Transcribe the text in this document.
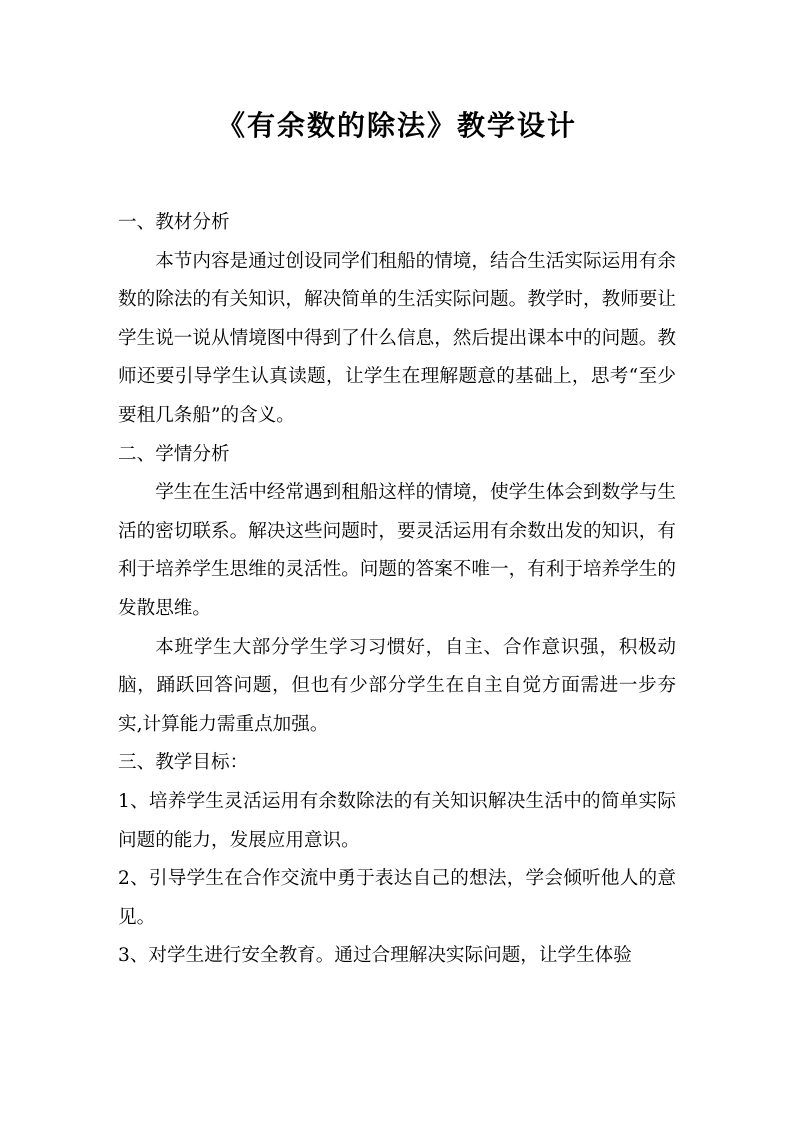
《有余数的除法》教学设计

一、教材分析

本节内容是通过创设同学们租船的情境，结合生活实际运用有余数的除法的有关知识，解决简单的生活实际问题。教学时，教师要让学生说一说从情境图中得到了什么信息，然后提出课本中的问题。教师还要引导学生认真读题，让学生在理解题意的基础上，思考“至少要租几条船”的含义。

二、学情分析

学生在生活中经常遇到租船这样的情境，使学生体会到数学与生活的密切联系。解决这些问题时，要灵活运用有余数出发的知识，有利于培养学生思维的灵活性。问题的答案不唯一，有利于培养学生的发散思维。

本班学生大部分学生学习习惯好，自主、合作意识强，积极动脑，踊跃回答问题，但也有少部分学生在自主自觉方面需进一步夯实,计算能力需重点加强。

三、教学目标：

1、培养学生灵活运用有余数除法的有关知识解决生活中的简单实际问题的能力，发展应用意识。

2、引导学生在合作交流中勇于表达自己的想法，学会倾听他人的意见。

3、对学生进行安全教育。通过合理解决实际问题，让学生体验
